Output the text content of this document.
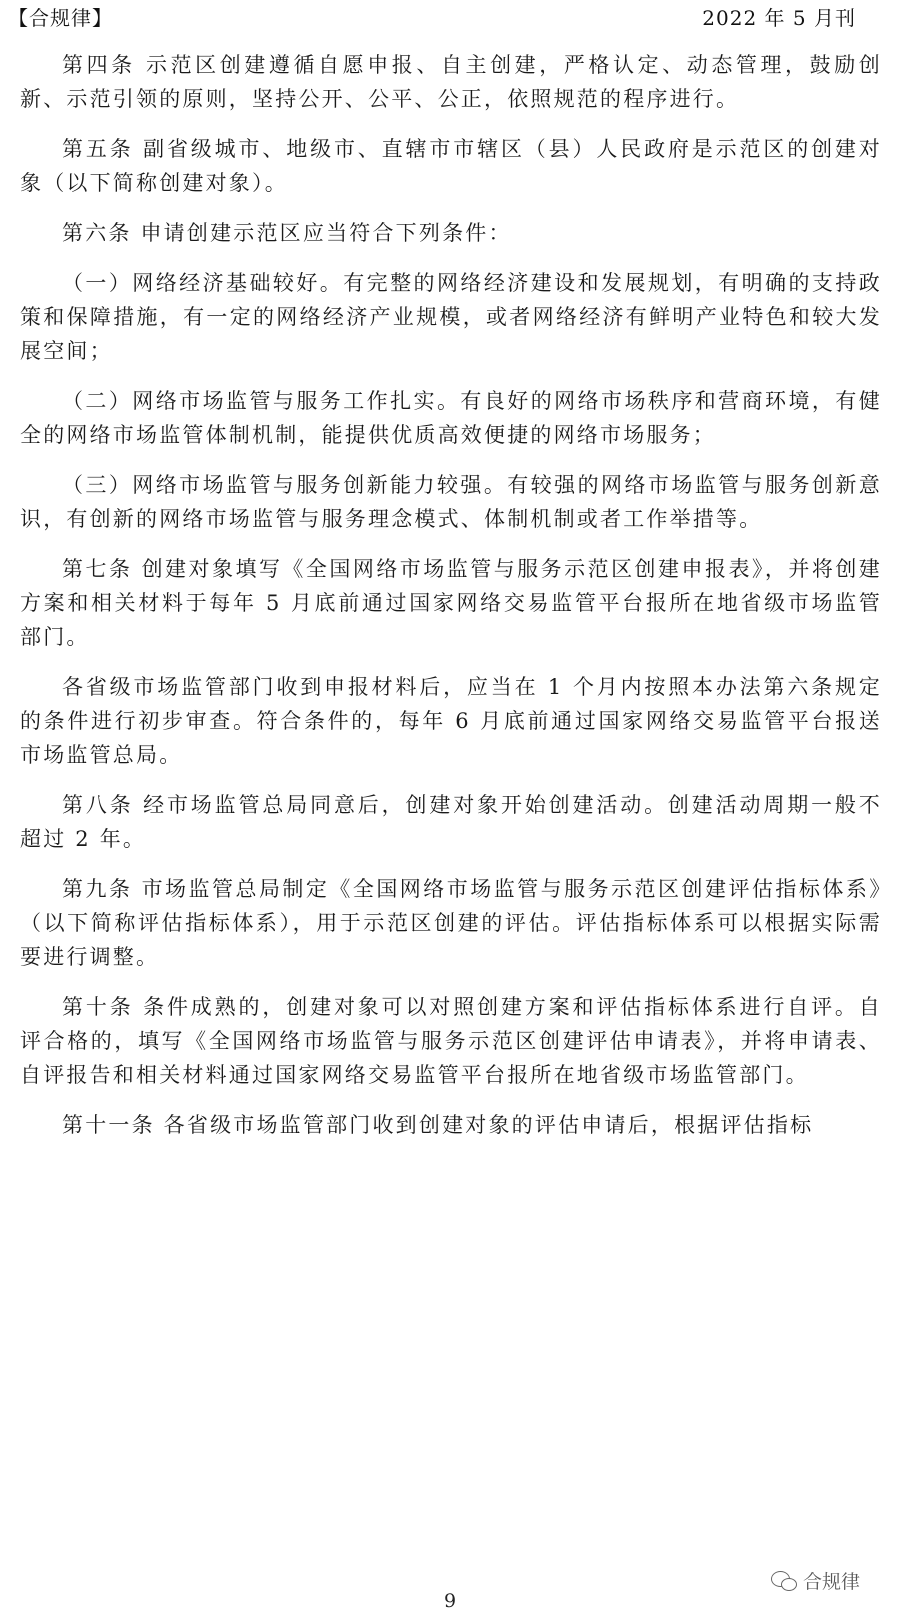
【合规律】	2022 年 5 月刊

第四条 示范区创建遵循自愿申报、自主创建，严格认定、动态管理，鼓励创新、示范引领的原则，坚持公开、公平、公正，依照规范的程序进行。

第五条 副省级城市、地级市、直辖市市辖区（县）人民政府是示范区的创建对象（以下简称创建对象）。

第六条 申请创建示范区应当符合下列条件：

（一）网络经济基础较好。有完整的网络经济建设和发展规划，有明确的支持政策和保障措施，有一定的网络经济产业规模，或者网络经济有鲜明产业特色和较大发展空间；

（二）网络市场监管与服务工作扎实。有良好的网络市场秩序和营商环境，有健全的网络市场监管体制机制，能提供优质高效便捷的网络市场服务；

（三）网络市场监管与服务创新能力较强。有较强的网络市场监管与服务创新意识，有创新的网络市场监管与服务理念模式、体制机制或者工作举措等。

第七条 创建对象填写《全国网络市场监管与服务示范区创建申报表》，并将创建方案和相关材料于每年 5 月底前通过国家网络交易监管平台报所在地省级市场监管部门。

各省级市场监管部门收到申报材料后，应当在 1 个月内按照本办法第六条规定的条件进行初步审查。符合条件的，每年 6 月底前通过国家网络交易监管平台报送市场监管总局。

第八条 经市场监管总局同意后，创建对象开始创建活动。创建活动周期一般不超过 2 年。

第九条 市场监管总局制定《全国网络市场监管与服务示范区创建评估指标体系》（以下简称评估指标体系），用于示范区创建的评估。评估指标体系可以根据实际需要进行调整。

第十条 条件成熟的，创建对象可以对照创建方案和评估指标体系进行自评。自评合格的，填写《全国网络市场监管与服务示范区创建评估申请表》，并将申请表、自评报告和相关材料通过国家网络交易监管平台报所在地省级市场监管部门。

第十一条 各省级市场监管部门收到创建对象的评估申请后，根据评估指标

合规律
9
